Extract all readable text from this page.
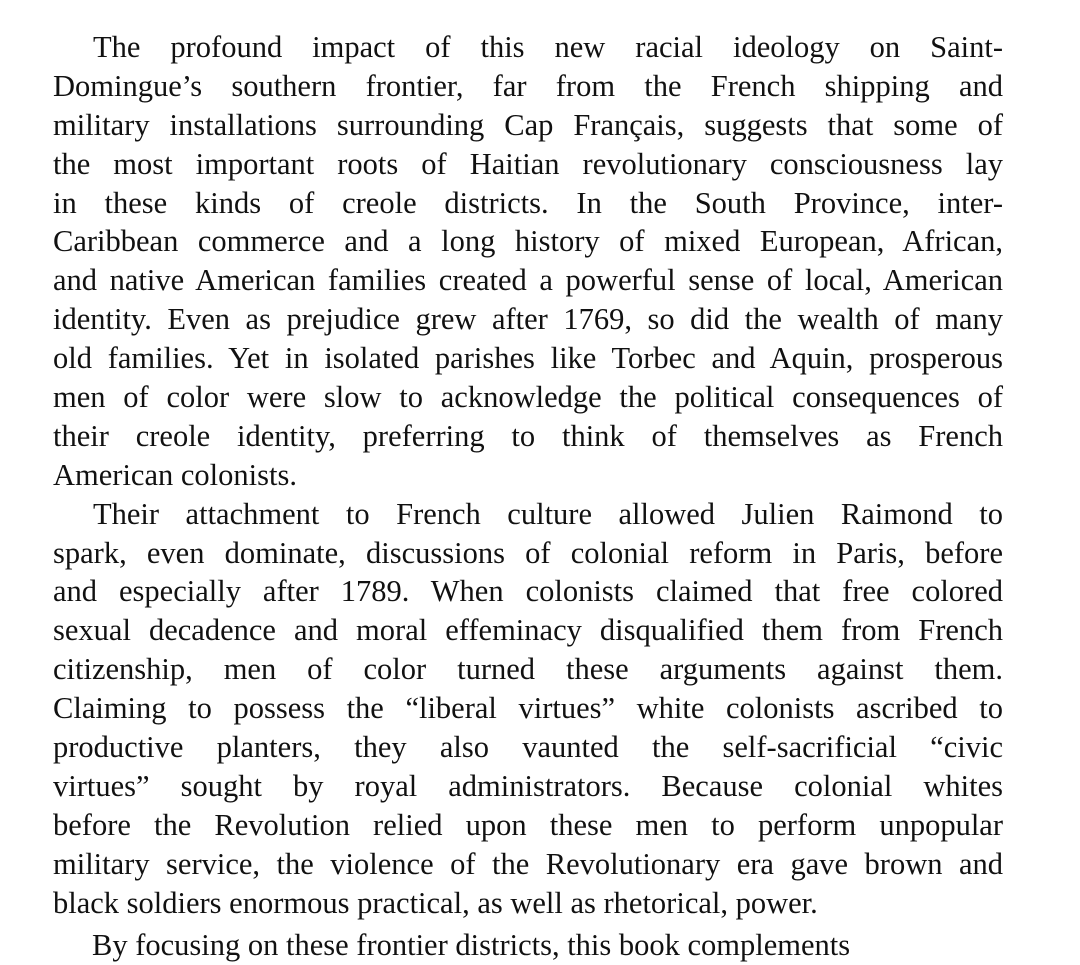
The profound impact of this new racial ideology on Saint-
Domingue’s southern frontier, far from the French shipping and
military installations surrounding Cap Français, suggests that some of
the most important roots of Haitian revolutionary consciousness lay
in these kinds of creole districts. In the South Province, inter-
Caribbean commerce and a long history of mixed European, African,
and native American families created a powerful sense of local, American
identity. Even as prejudice grew after 1769, so did the wealth of many
old families. Yet in isolated parishes like Torbec and Aquin, prosperous
men of color were slow to acknowledge the political consequences of
their creole identity, preferring to think of themselves as French
American colonists.
Their attachment to French culture allowed Julien Raimond to
spark, even dominate, discussions of colonial reform in Paris, before
and especially after 1789. When colonists claimed that free colored
sexual decadence and moral effeminacy disqualified them from French
citizenship, men of color turned these arguments against them.
Claiming to possess the “liberal virtues” white colonists ascribed to
productive planters, they also vaunted the self-sacrificial “civic
virtues” sought by royal administrators. Because colonial whites
before the Revolution relied upon these men to perform unpopular
military service, the violence of the Revolutionary era gave brown and
black soldiers enormous practical, as well as rhetorical, power.
By focusing on these frontier districts, this book complements
